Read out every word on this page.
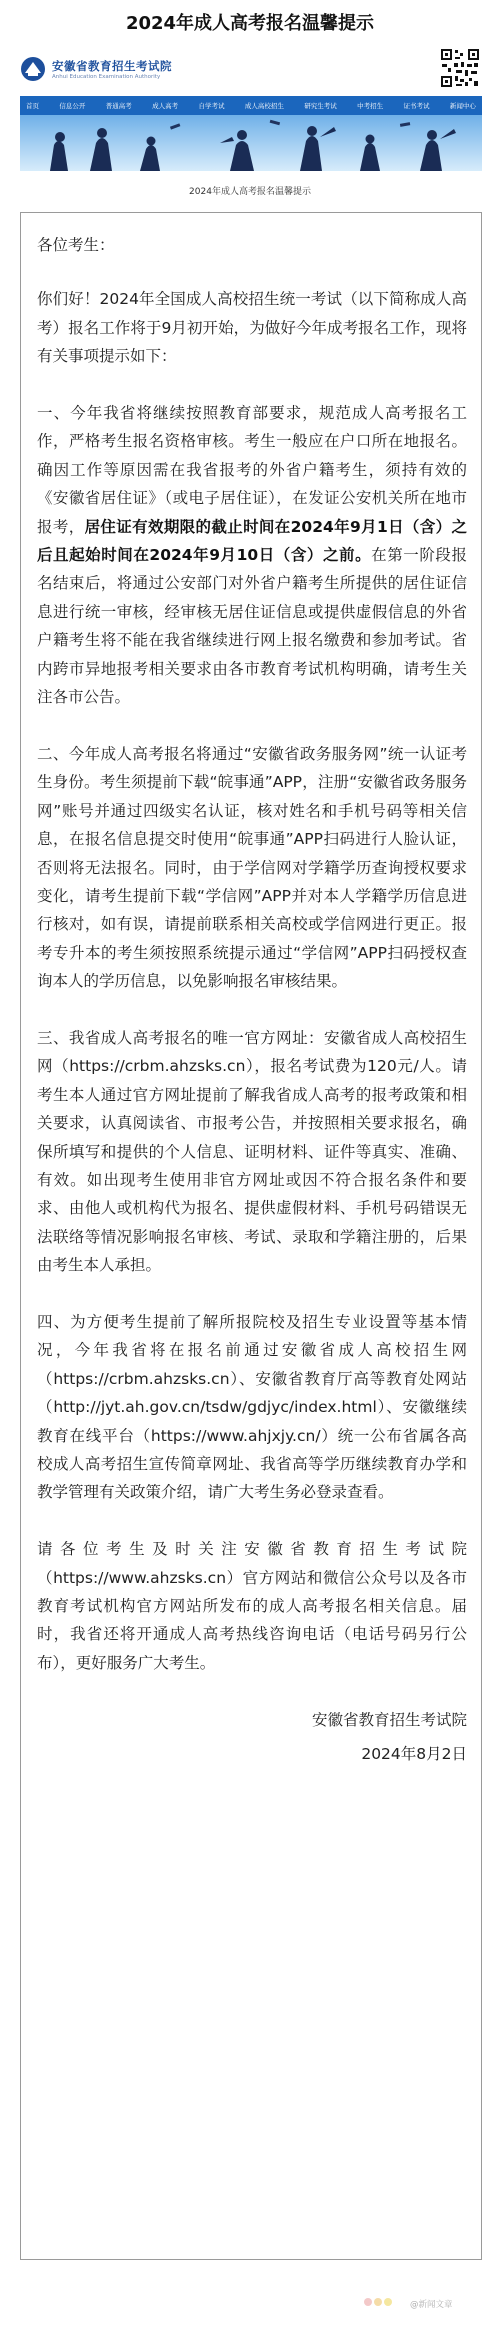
2024年成人高考报名温馨提示
安徽省教育招生考试院
Anhui Education Examination Authority
首页	信息公开	普通高考	成人高考	自学考试	成人高校招生	研究生考试	中考招生	证书考试	新闻中心
2024年成人高考报名温馨提示

各位考生：

你们好！2024年全国成人高校招生统一考试（以下简称成人高考）报名工作将于9月初开始，为做好今年成考报名工作，现将有关事项提示如下：

一、今年我省将继续按照教育部要求，规范成人高考报名工作，严格考生报名资格审核。考生一般应在户口所在地报名。确因工作等原因需在我省报考的外省户籍考生，须持有效的《安徽省居住证》（或电子居住证），在发证公安机关所在地市报考，居住证有效期限的截止时间在2024年9月1日（含）之后且起始时间在2024年9月10日（含）之前。在第一阶段报名结束后，将通过公安部门对外省户籍考生所提供的居住证信息进行统一审核，经审核无居住证信息或提供虚假信息的外省户籍考生将不能在我省继续进行网上报名缴费和参加考试。省内跨市异地报考相关要求由各市教育考试机构明确，请考生关注各市公告。

二、今年成人高考报名将通过“安徽省政务服务网”统一认证考生身份。考生须提前下载“皖事通”APP，注册“安徽省政务服务网”账号并通过四级实名认证，核对姓名和手机号码等相关信息，在报名信息提交时使用“皖事通”APP扫码进行人脸认证，否则将无法报名。同时，由于学信网对学籍学历查询授权要求变化，请考生提前下载“学信网”APP并对本人学籍学历信息进行核对，如有误，请提前联系相关高校或学信网进行更正。报考专升本的考生须按照系统提示通过“学信网”APP扫码授权查询本人的学历信息，以免影响报名审核结果。

三、我省成人高考报名的唯一官方网址：安徽省成人高校招生网（https://crbm.ahzsks.cn），报名考试费为120元/人。请考生本人通过官方网址提前了解我省成人高考的报考政策和相关要求，认真阅读省、市报考公告，并按照相关要求报名，确保所填写和提供的个人信息、证明材料、证件等真实、准确、有效。如出现考生使用非官方网址或因不符合报名条件和要求、由他人或机构代为报名、提供虚假材料、手机号码错误无法联络等情况影响报名审核、考试、录取和学籍注册的，后果由考生本人承担。

四、为方便考生提前了解所报院校及招生专业设置等基本情况，今年我省将在报名前通过安徽省成人高校招生网（https://crbm.ahzsks.cn）、安徽省教育厅高等教育处网站（http://jyt.ah.gov.cn/tsdw/gdjyc/index.html）、安徽继续教育在线平台（https://www.ahjxjy.cn/）统一公布省属各高校成人高考招生宣传简章网址、我省高等学历继续教育办学和教学管理有关政策介绍，请广大考生务必登录查看。

请各位考生及时关注安徽省教育招生考试院（https://www.ahzsks.cn）官方网站和微信公众号以及各市教育考试机构官方网站所发布的成人高考报名相关信息。届时，我省还将开通成人高考热线咨询电话（电话号码另行公布），更好服务广大考生。

安徽省教育招生考试院

2024年8月2日

@新闻文章
